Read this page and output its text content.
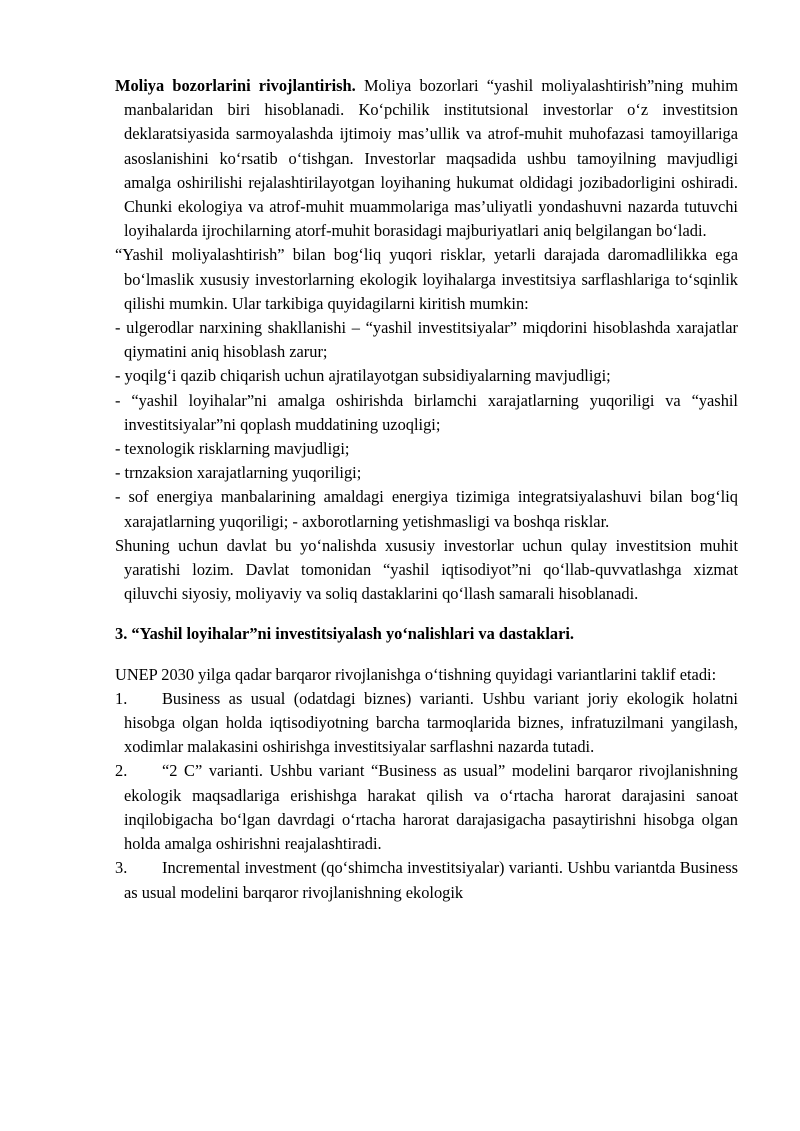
Moliya bozorlarini rivojlantirish. Moliya bozorlari “yashil moliyalashtirish”ning muhim manbalaridan biri hisoblanadi. Ko‘pchilik institutsional investorlar o‘z investitsion deklaratsiyasida sarmoyalashda ijtimoiy mas’ullik va atrof-muhit muhofazasi tamoyillariga asoslanishini ko‘rsatib o‘tishgan. Investorlar maqsadida ushbu tamoyilning mavjudligi amalga oshirilishi rejalashtirilayotgan loyihaning hukumat oldidagi jozibadorligini oshiradi. Chunki ekologiya va atrof-muhit muammolariga mas’uliyatli yondashuvni nazarda tutuvchi loyihalarda ijrochilarning atorf-muhit borasidagi majburiyatlari aniq belgilangan bo‘ladi.

“Yashil moliyalashtirish” bilan bog‘liq yuqori risklar, yetarli darajada daromadlilikka ega bo‘lmaslik xususiy investorlarning ekologik loyihalarga investitsiya sarflashlariga to‘sqinlik qilishi mumkin. Ular tarkibiga quyidagilarni kiritish mumkin:

- ulgerodlar narxining shakllanishi – “yashil investitsiyalar” miqdorini hisoblashda xarajatlar qiymatini aniq hisoblash zarur;

- yoqilg‘i qazib chiqarish uchun ajratilayotgan subsidiyalarning mavjudligi;

- “yashil loyihalar”ni amalga oshirishda birlamchi xarajatlarning yuqoriligi va “yashil investitsiyalar”ni qoplash muddatining uzoqligi;

- texnologik risklarning mavjudligi;

- trnzaksion xarajatlarning yuqoriligi;

- sof energiya manbalarining amaldagi energiya tizimiga integratsiyalashuvi bilan bog‘liq xarajatlarning yuqoriligi; - axborotlarning yetishmasligi va boshqa risklar.

Shuning uchun davlat bu yo‘nalishda xususiy investorlar uchun qulay investitsion muhit yaratishi lozim. Davlat tomonidan “yashil iqtisodiyot”ni qo‘llab-quvvatlashga xizmat qiluvchi siyosiy, moliyaviy va soliq dastaklarini qo‘llash samarali hisoblanadi.

3. “Yashil loyihalar”ni investitsiyalash yo‘nalishlari va dastaklari.

UNEP 2030 yilga qadar barqaror rivojlanishga o‘tishning quyidagi variantlarini taklif etadi:

1. Business as usual (odatdagi biznes) varianti. Ushbu variant joriy ekologik holatni hisobga olgan holda iqtisodiyotning barcha tarmoqlarida biznes, infratuzilmani yangilash, xodimlar malakasini oshirishga investitsiyalar sarflashni nazarda tutadi.

2. “2 C” varianti. Ushbu variant “Business as usual” modelini barqaror rivojlanishning ekologik maqsadlariga erishishga harakat qilish va o‘rtacha harorat darajasini sanoat inqilobigacha bo‘lgan davrdagi o‘rtacha harorat darajasigacha pasaytirishni hisobga olgan holda amalga oshirishni reajalashtiradi.

3. Incremental investment (qo‘shimcha investitsiyalar) varianti. Ushbu variantda Business as usual modelini barqaror rivojlanishning ekologik
